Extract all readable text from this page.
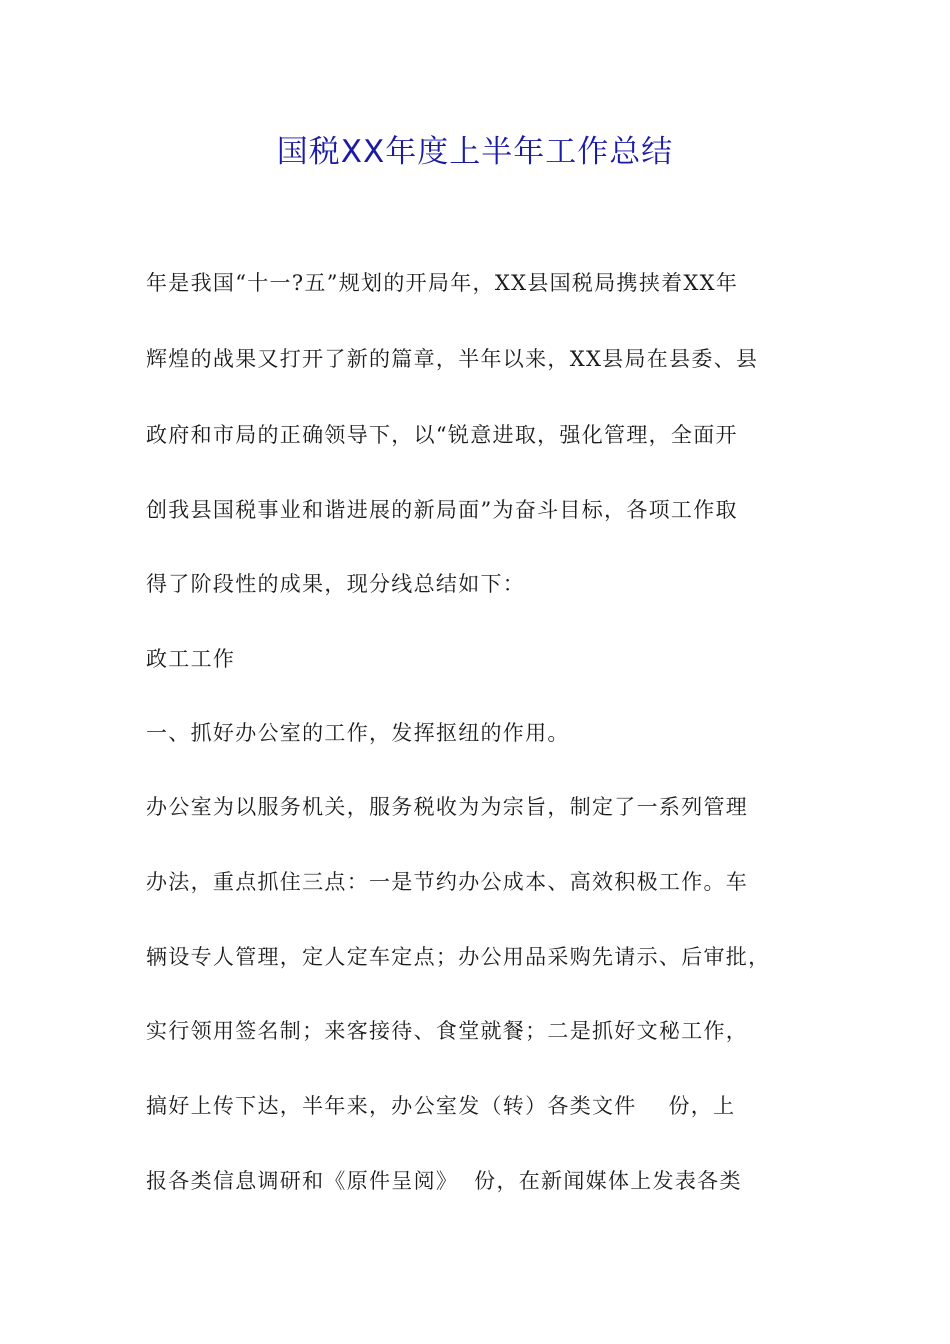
国税XX年度上半年工作总结
年是我国“十一?五”规划的开局年，XX县国税局携挟着XX年
辉煌的战果又打开了新的篇章，半年以来，XX县局在县委、县
政府和市局的正确领导下，以“锐意进取，强化管理，全面开
创我县国税事业和谐进展的新局面”为奋斗目标，各项工作取
得了阶段性的成果，现分线总结如下：
政工工作
一、抓好办公室的工作，发挥抠纽的作用。
办公室为以服务机关，服务税收为为宗旨，制定了一系列管理
办法，重点抓住三点：一是节约办公成本、高效积极工作。车
辆设专人管理，定人定车定点；办公用品采购先请示、后审批，
实行领用签名制；来客接待、食堂就餐；二是抓好文秘工作，
搞好上传下达，半年来，办公室发（转）各类文件    份，上
报各类信息调研和《原件呈阅》  份，在新闻媒体上发表各类
